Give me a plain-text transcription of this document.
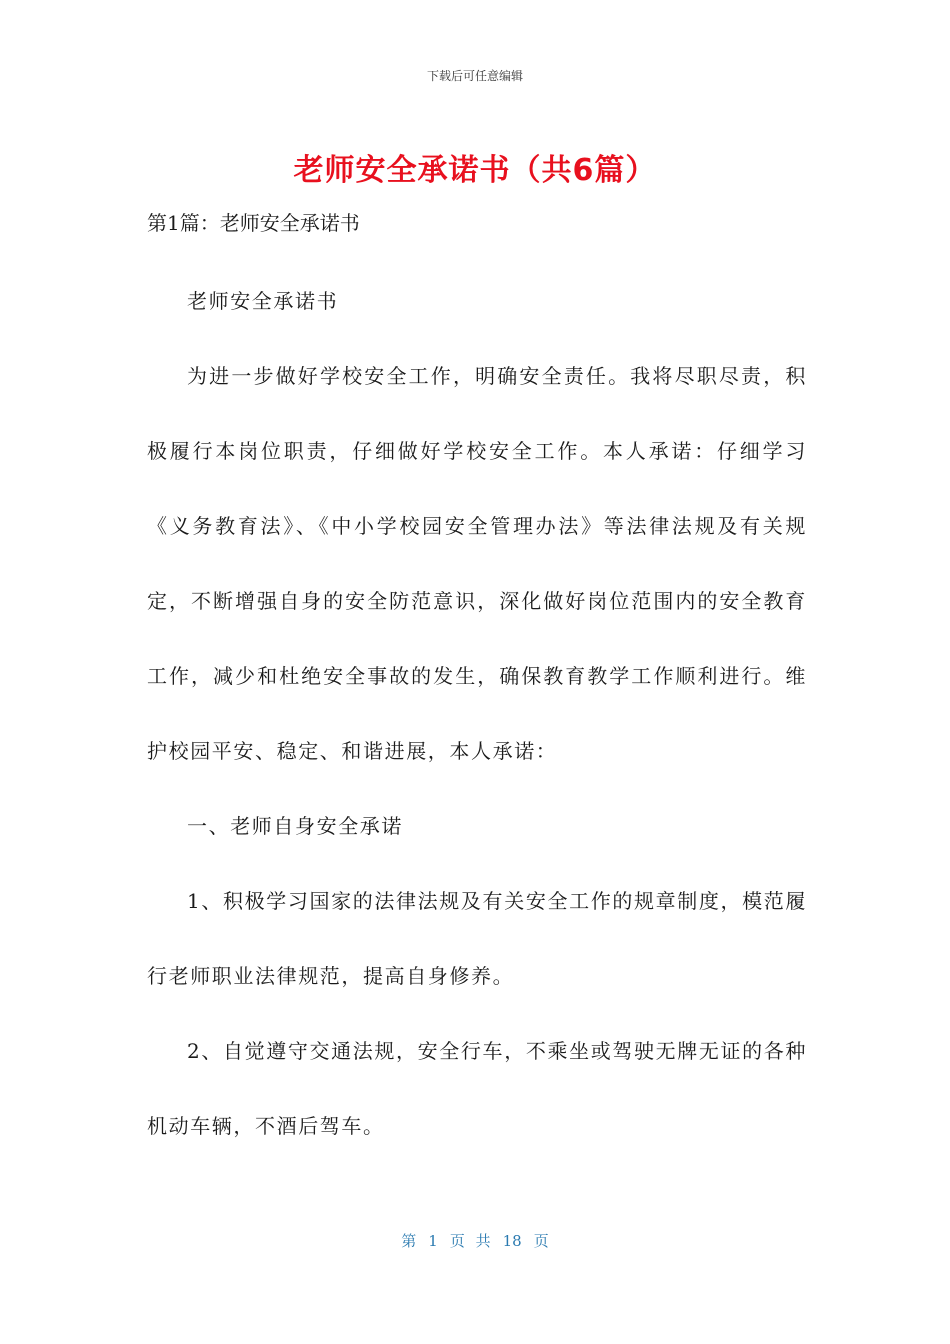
下载后可任意编辑
老师安全承诺书（共6篇）
第1篇：老师安全承诺书

老师安全承诺书

为进一步做好学校安全工作，明确安全责任。我将尽职尽责，积极履行本岗位职责，仔细做好学校安全工作。本人承诺：仔细学习《义务教育法》、《中小学校园安全管理办法》等法律法规及有关规定，不断增强自身的安全防范意识，深化做好岗位范围内的安全教育工作，减少和杜绝安全事故的发生，确保教育教学工作顺利进行。维护校园平安、稳定、和谐进展，本人承诺：

一、老师自身安全承诺

1、积极学习国家的法律法规及有关安全工作的规章制度，模范履行老师职业法律规范，提高自身修养。

2、自觉遵守交通法规，安全行车，不乘坐或驾驶无牌无证的各种机动车辆，不酒后驾车。

第 1 页 共 18 页
